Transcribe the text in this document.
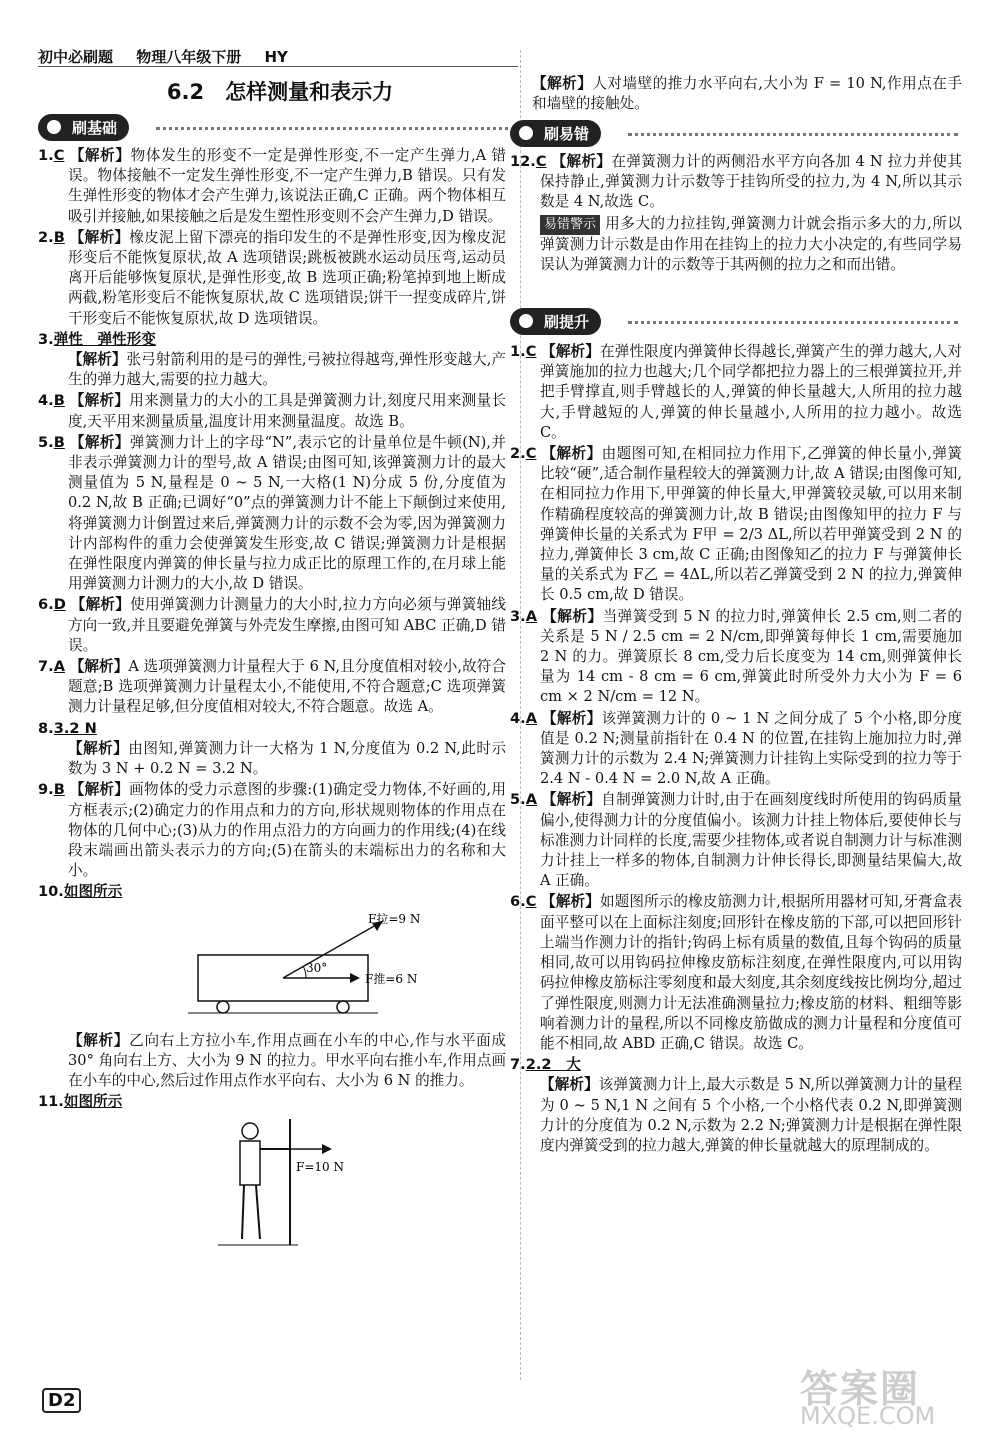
初中必刷题 物理八年级下册 HY
6.2　怎样测量和表示力
刷基础

1.C 【解析】物体发生的形变不一定是弹性形变,不一定产生弹力,A 错误。物体接触不一定发生弹性形变,不一定产生弹力,B 错误。只有发生弹性形变的物体才会产生弹力,该说法正确,C 正确。两个物体相互吸引并接触,如果接触之后是发生塑性形变则不会产生弹力,D 错误。

2.B 【解析】橡皮泥上留下漂亮的指印发生的不是弹性形变,因为橡皮泥形变后不能恢复原状,故 A 选项错误;跳板被跳水运动员压弯,运动员离开后能够恢复原状,是弹性形变,故 B 选项正确;粉笔掉到地上断成两截,粉笔形变后不能恢复原状,故 C 选项错误;饼干一捏变成碎片,饼干形变后不能恢复原状,故 D 选项错误。

3.弹性　弹性形变
【解析】张弓射箭利用的是弓的弹性,弓被拉得越弯,弹性形变越大,产生的弹力越大,需要的拉力越大。

4.B 【解析】用来测量力的大小的工具是弹簧测力计,刻度尺用来测量长度,天平用来测量质量,温度计用来测量温度。故选 B。

5.B 【解析】弹簧测力计上的字母“N”,表示它的计量单位是牛顿(N),并非表示弹簧测力计的型号,故 A 错误;由图可知,该弹簧测力计的最大测量值为 5 N,量程是 0 ~ 5 N,一大格(1 N)分成 5 份,分度值为 0.2 N,故 B 正确;已调好“0”点的弹簧测力计不能上下颠倒过来使用,将弹簧测力计倒置过来后,弹簧测力计的示数不会为零,因为弹簧测力计内部构件的重力会使弹簧发生形变,故 C 错误;弹簧测力计是根据在弹性限度内弹簧的伸长量与拉力成正比的原理工作的,在月球上能用弹簧测力计测力的大小,故 D 错误。

6.D 【解析】使用弹簧测力计测量力的大小时,拉力方向必须与弹簧轴线方向一致,并且要避免弹簧与外壳发生摩擦,由图可知 ABC 正确,D 错误。

7.A 【解析】A 选项弹簧测力计量程大于 6 N,且分度值相对较小,故符合题意;B 选项弹簧测力计量程太小,不能使用,不符合题意;C 选项弹簧测力计量程足够,但分度值相对较大,不符合题意。故选 A。

8.3.2 N
【解析】由图知,弹簧测力计一大格为 1 N,分度值为 0.2 N,此时示数为 3 N + 0.2 N = 3.2 N。

9.B 【解析】画物体的受力示意图的步骤:(1)确定受力物体,不好画的,用方框表示;(2)确定力的作用点和力的方向,形状规则物体的作用点在物体的几何中心;(3)从力的作用点沿力的方向画力的作用线;(4)在线段末端画出箭头表示力的方向;(5)在箭头的末端标出力的名称和大小。

10.如图所示

30°
F拉=9 N
F推=6 N

【解析】乙向右上方拉小车,作用点画在小车的中心,作与水平面成 30° 角向右上方、大小为 9 N 的拉力。甲水平向右推小车,作用点画在小车的中心,然后过作用点作水平向右、大小为 6 N 的推力。

11.如图所示

F=10 N

【解析】人对墙壁的推力水平向右,大小为 F = 10 N,作用点在手和墙壁的接触处。

刷易错

12.C 【解析】在弹簧测力计的两侧沿水平方向各加 4 N 拉力并使其保持静止,弹簧测力计示数等于挂钩所受的拉力,为 4 N,所以其示数是 4 N,故选 C。

易错警示 用多大的力拉挂钩,弹簧测力计就会指示多大的力,所以弹簧测力计示数是由作用在挂钩上的拉力大小决定的,有些同学易误认为弹簧测力计的示数等于其两侧的拉力之和而出错。

刷提升

1.C 【解析】在弹性限度内弹簧伸长得越长,弹簧产生的弹力越大,人对弹簧施加的拉力也越大;几个同学都把拉力器上的三根弹簧拉开,并把手臂撑直,则手臂越长的人,弹簧的伸长量越大,人所用的拉力越大,手臂越短的人,弹簧的伸长量越小,人所用的拉力越小。故选 C。

2.C 【解析】由题图可知,在相同拉力作用下,乙弹簧的伸长量小,弹簧比较“硬”,适合制作量程较大的弹簧测力计,故 A 错误;由图像可知,在相同拉力作用下,甲弹簧的伸长量大,甲弹簧较灵敏,可以用来制作精确程度较高的弹簧测力计,故 B 错误;由图像知甲的拉力 F 与弹簧伸长量的关系式为 F甲 = 2/3 ΔL,所以若甲弹簧受到 2 N 的拉力,弹簧伸长 3 cm,故 C 正确;由图像知乙的拉力 F 与弹簧伸长量的关系式为 F乙 = 4ΔL,所以若乙弹簧受到 2 N 的拉力,弹簧伸长 0.5 cm,故 D 错误。

3.A 【解析】当弹簧受到 5 N 的拉力时,弹簧伸长 2.5 cm,则二者的关系是 5 N / 2.5 cm = 2 N/cm,即弹簧每伸长 1 cm,需要施加 2 N 的力。弹簧原长 8 cm,受力后长度变为 14 cm,则弹簧伸长量为 14 cm - 8 cm = 6 cm,弹簧此时所受外力大小为 F = 6 cm × 2 N/cm = 12 N。

4.A 【解析】该弹簧测力计的 0 ~ 1 N 之间分成了 5 个小格,即分度值是 0.2 N;测量前指针在 0.4 N 的位置,在挂钩上施加拉力时,弹簧测力计的示数为 2.4 N;弹簧测力计挂钩上实际受到的拉力等于 2.4 N - 0.4 N = 2.0 N,故 A 正确。

5.A 【解析】自制弹簧测力计时,由于在画刻度线时所使用的钩码质量偏小,使得测力计的分度值偏小。该测力计挂上物体后,要使伸长与标准测力计同样的长度,需要少挂物体,或者说自制测力计与标准测力计挂上一样多的物体,自制测力计伸长得长,即测量结果偏大,故 A 正确。

6.C 【解析】如题图所示的橡皮筋测力计,根据所用器材可知,牙膏盒表面平整可以在上面标注刻度;回形针在橡皮筋的下部,可以把回形针上端当作测力计的指针;钩码上标有质量的数值,且每个钩码的质量相同,故可以用钩码拉伸橡皮筋标注刻度,在弹性限度内,可以用钩码拉伸橡皮筋标注零刻度和最大刻度,其余刻度线按比例均分,超过了弹性限度,则测力计无法准确测量拉力;橡皮筋的材料、粗细等影响着测力计的量程,所以不同橡皮筋做成的测力计量程和分度值可能不相同,故 ABD 正确,C 错误。故选 C。

7.2.2　大
【解析】该弹簧测力计上,最大示数是 5 N,所以弹簧测力计的量程为 0 ~ 5 N,1 N 之间有 5 个小格,一个小格代表 0.2 N,即弹簧测力计的分度值为 0.2 N,示数为 2.2 N;弹簧测力计是根据在弹性限度内弹簧受到的拉力越大,弹簧的伸长量就越大的原理制成的。

D2	答案圈
MXQE.COM
